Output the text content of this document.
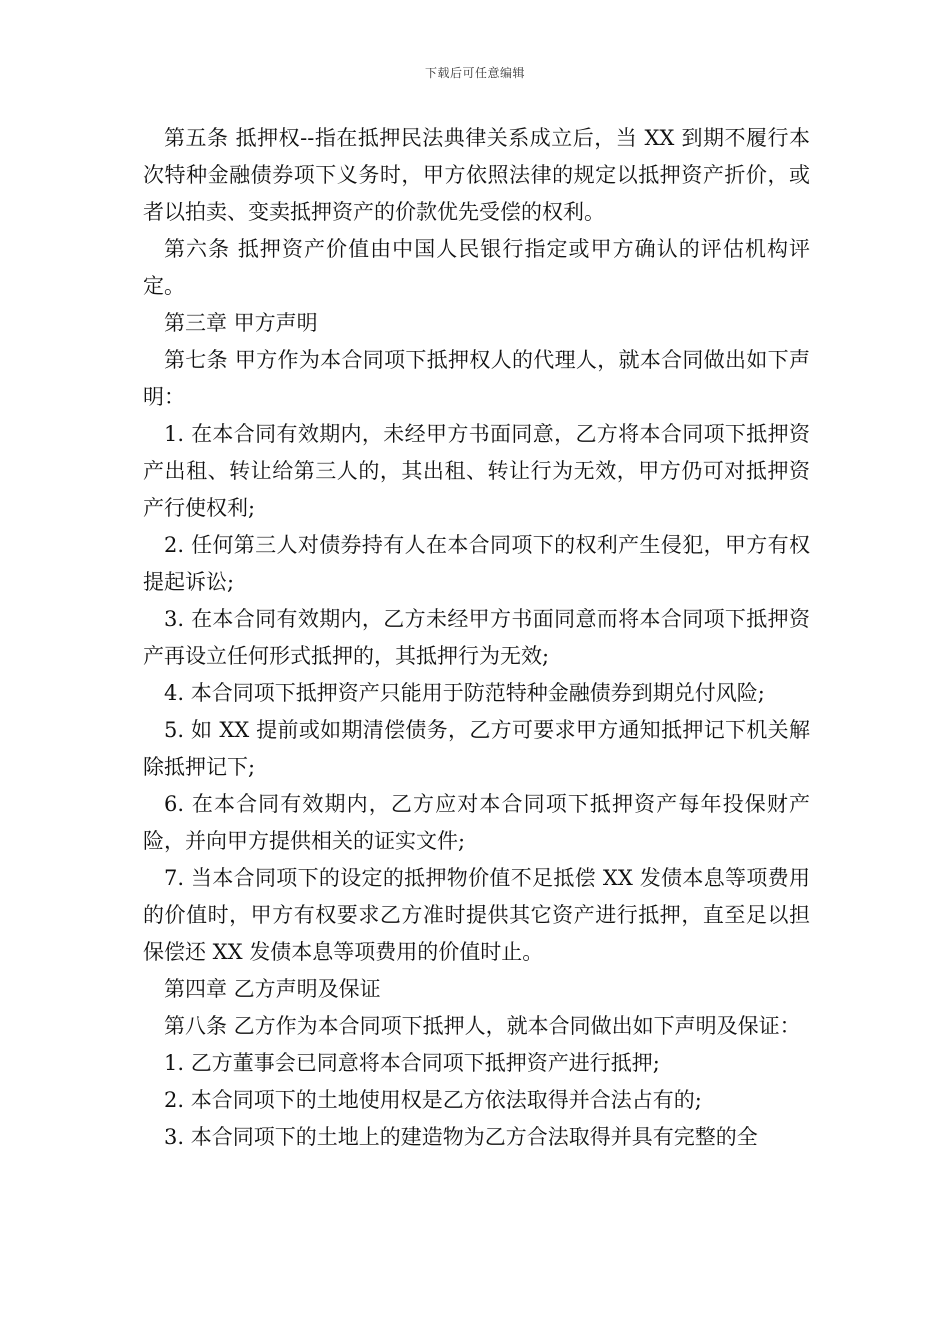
下载后可任意编辑

第五条 抵押权--指在抵押民法典律关系成立后，当 XX 到期不履行本次特种金融债券项下义务时，甲方依照法律的规定以抵押资产折价，或者以拍卖、变卖抵押资产的价款优先受偿的权利。

第六条 抵押资产价值由中国人民银行指定或甲方确认的评估机构评定。

第三章 甲方声明

第七条 甲方作为本合同项下抵押权人的代理人，就本合同做出如下声明：

1. 在本合同有效期内，未经甲方书面同意，乙方将本合同项下抵押资产出租、转让给第三人的，其出租、转让行为无效，甲方仍可对抵押资产行使权利;

2. 任何第三人对债券持有人在本合同项下的权利产生侵犯，甲方有权提起诉讼;

3. 在本合同有效期内，乙方未经甲方书面同意而将本合同项下抵押资产再设立任何形式抵押的，其抵押行为无效;

4. 本合同项下抵押资产只能用于防范特种金融债券到期兑付风险;

5. 如 XX 提前或如期清偿债务，乙方可要求甲方通知抵押记下机关解除抵押记下;

6. 在本合同有效期内，乙方应对本合同项下抵押资产每年投保财产险，并向甲方提供相关的证实文件;

7. 当本合同项下的设定的抵押物价值不足抵偿 XX 发债本息等项费用的价值时，甲方有权要求乙方准时提供其它资产进行抵押，直至足以担保偿还 XX 发债本息等项费用的价值时止。

第四章 乙方声明及保证

第八条 乙方作为本合同项下抵押人，就本合同做出如下声明及保证：

1. 乙方董事会已同意将本合同项下抵押资产进行抵押;

2. 本合同项下的土地使用权是乙方依法取得并合法占有的;

3. 本合同项下的土地上的建造物为乙方合法取得并具有完整的全
